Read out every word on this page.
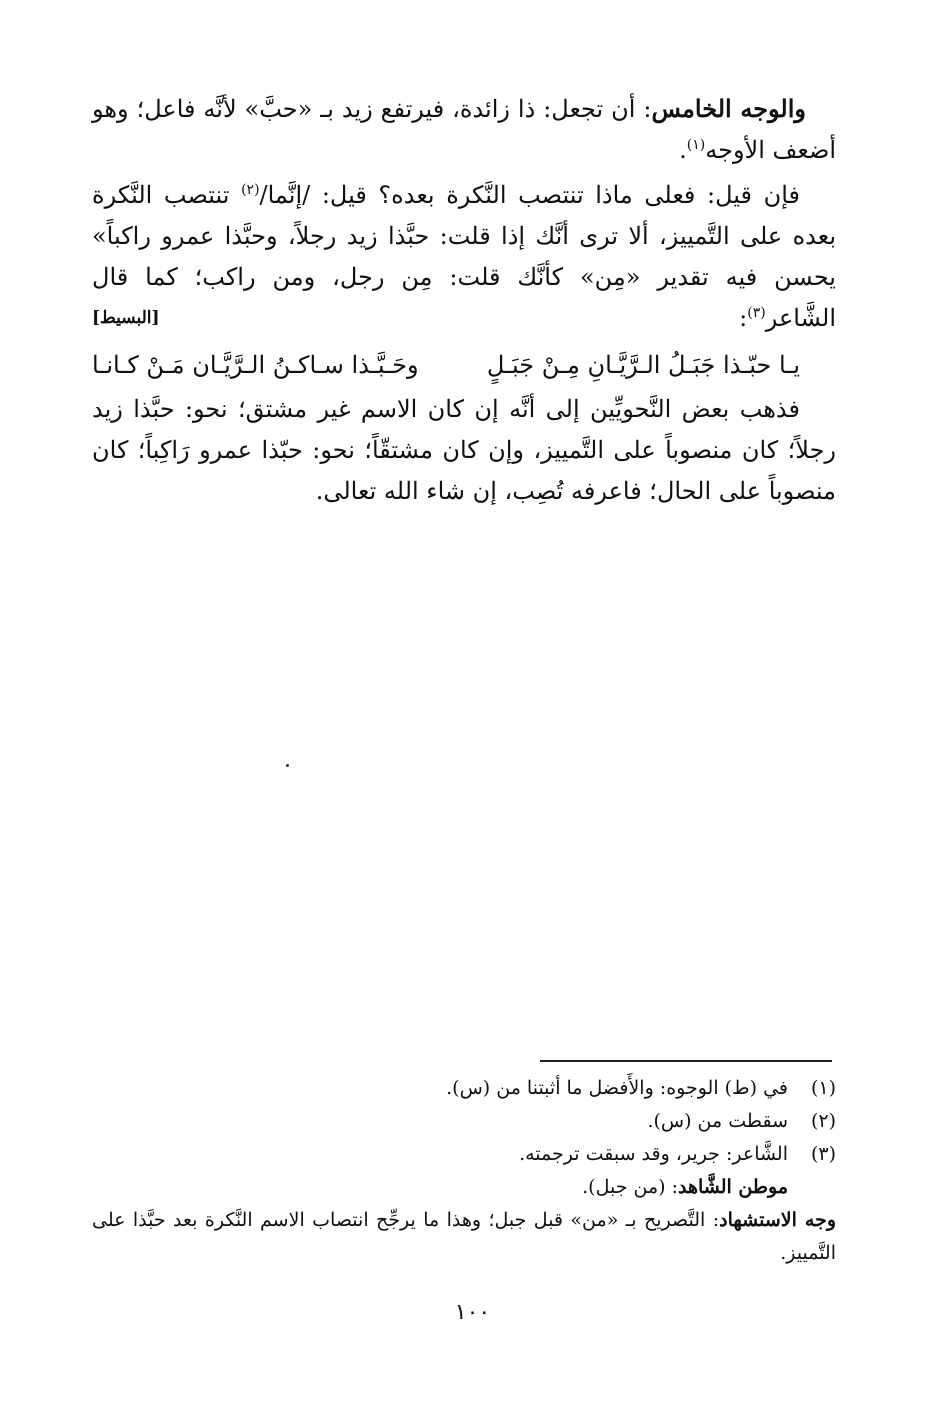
والوجه الخامس: أن تجعل: ذا زائدة، فيرتفع زيد بـ «حبَّ» لأنَّه فاعل؛ وهو أضعف الأوجه$^{(١)}$.

فإن قيل: فعلى ماذا تنتصب النَّكرة بعده؟ قيل: /إنَّما/$^{(٢)}$ تنتصب النَّكرة بعده على التَّمييز، ألا ترى أنَّك إذا قلت: حبَّذا زيد رجلاً، وحبَّذا عمرو راكباً» يحسن فيه تقدير «مِن» كأنَّك قلت: مِن رجل، ومن راكب؛ كما قال الشَّاعر$^{(٣)}$:
[البسيط]

يـا حبّـذا جَبَـلُ الـرَّيَّـانِ مِـنْ جَبَـلٍ
وحَـبَّـذا سـاكـنُ الـرَّيَّـان مَـنْ كـانـا

فذهب بعض النَّحويِّين إلى أنَّه إن كان الاسم غير مشتق؛ نحو: حبَّذا زيد رجلاً؛ كان منصوباً على التَّمييز، وإن كان مشتقّاً؛ نحو: حبّذا عمرو رَاكِباً؛ كان منصوباً على الحال؛ فاعرفه تُصِب، إن شاء الله تعالى.

(١)
في (ط) الوجوه: والأَفضل ما أثبتنا من (س).
(٢)
سقطت من (س).
(٣)
الشَّاعر: جرير، وقد سبقت ترجمته.
موطن الشَّاهد: (من جبل).
وجه الاستشهاد: التَّصريح بـ «من» قبل جبل؛ وهذا ما يرجِّح انتصاب الاسم النَّكرة بعد حبَّذا على التَّمييز.
١٠٠
